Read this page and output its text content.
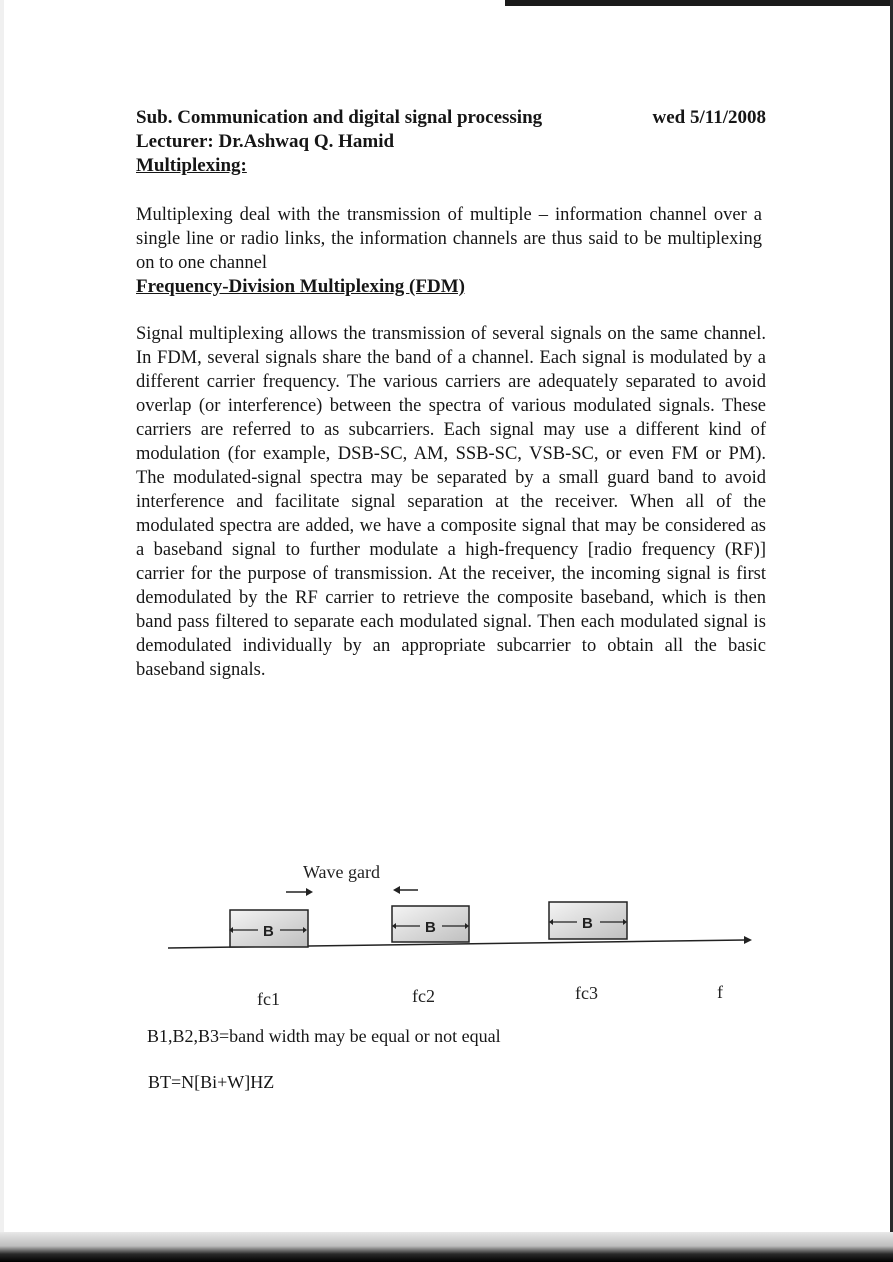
Sub. Communication and digital signal processing	wed 5/11/2008
Lecturer: Dr.Ashwaq Q. Hamid
Multiplexing:

Multiplexing deal with the transmission of multiple – information channel over a single line or radio links, the information channels are thus said to be multiplexing on to one channel

Frequency-Division Multiplexing (FDM)

Signal multiplexing allows the transmission of several signals on the same channel. In FDM, several signals share the band of a channel. Each signal is modulated by a different carrier frequency. The various carriers are adequately separated to avoid overlap (or interference) between the spectra of various modulated signals. These carriers are referred to as subcarriers. Each signal may use a different kind of modulation (for example, DSB-SC, AM, SSB-SC, VSB-SC, or even FM or PM). The modulated-signal spectra may be separated by a small guard band to avoid interference and facilitate signal separation at the receiver. When all of the modulated spectra are added, we have a composite signal that may be considered as a baseband signal to further modulate a high-frequency [radio frequency (RF)] carrier for the purpose of transmission. At the receiver, the incoming signal is first demodulated by the RF carrier to retrieve the composite baseband, which is then band pass filtered to separate each modulated signal. Then each modulated signal is demodulated individually by an appropriate subcarrier to obtain all the basic baseband signals.

Wave gard
B	B	B
fc1	fc2	fc3	f
B1,B2,B3=band width may be equal or not equal
BT=N[Bi+W]HZ
